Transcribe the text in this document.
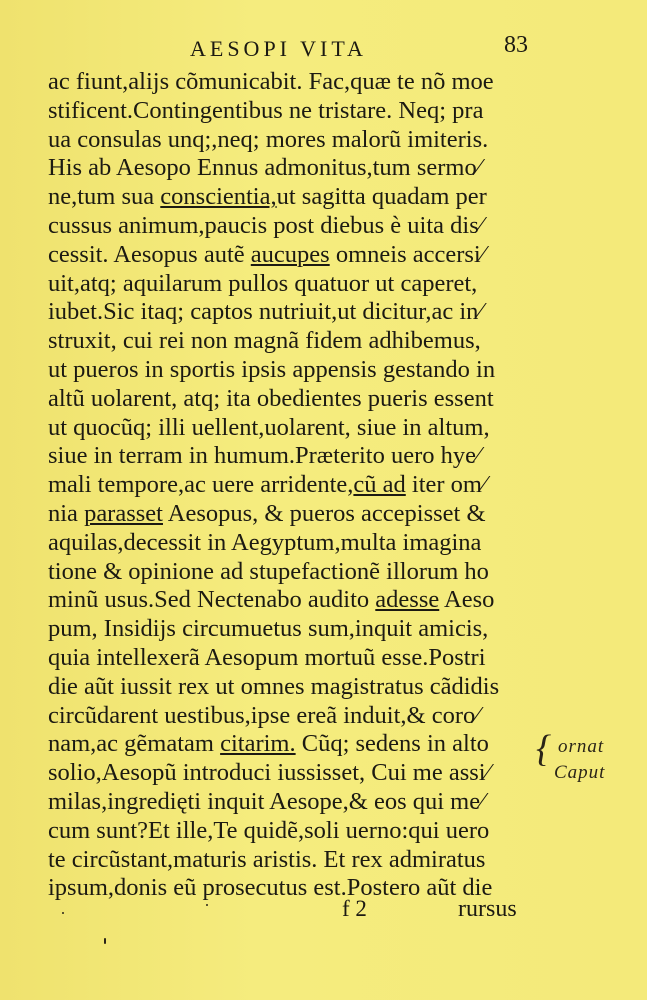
AESOPI VITA	83
ac fiunt,alijs cõmunicabit. Fac,quæ te nõ moe
stificent.Contingentibus ne tristare. Neq; pra
ua consulas unq;,neq; mores malorũ imiteris.
His ab Aesopo Ennus admonitus,tum sermo⁄
ne,tum sua conscientia,ut sagitta quadam per
cussus animum,paucis post diebus è uita dis⁄
cessit. Aesopus autẽ aucupes omneis accersi⁄
uit,atq; aquilarum pullos quatuor ut caperet,
iubet.Sic itaq; captos nutriuit,ut dicitur,ac in⁄
struxit, cui rei non magnã fidem adhibemus,
ut pueros in sportis ipsis appensis gestando in
altũ uolarent, atq; ita obedientes pueris essent
ut quocũq; illi uellent,uolarent, siue in altum,
siue in terram in humum.Præterito uero hye⁄
mali tempore,ac uere arridente,cũ ad iter om⁄
nia parasset Aesopus, & pueros accepisset &
aquilas,decessit in Aegyptum,multa imagina
tione & opinione ad stupefactionẽ illorum ho
minũ usus.Sed Nectenabo audito adesse Aeso
pum, Insidijs circumuetus sum,inquit amicis,
quia intellexerã Aesopum mortuũ esse.Postri
die aũt iussit rex ut omnes magistratus cãdidis
circũdarent uestibus,ipse ereã induit,& coro⁄
nam,ac gẽmatam citarim. Cũq; sedens in alto
solio,Aesopũ introduci iussisset, Cui me assi⁄
milas,ingredięti inquit Aesope,& eos qui me⁄
cum sunt?Et ille,Te quidẽ,soli uerno:qui uero
te circũstant,maturis aristis. Et rex admiratus
ipsum,donis eũ prosecutus est.Postero aũt die
{ ornat
Caput
f 2	rursus
